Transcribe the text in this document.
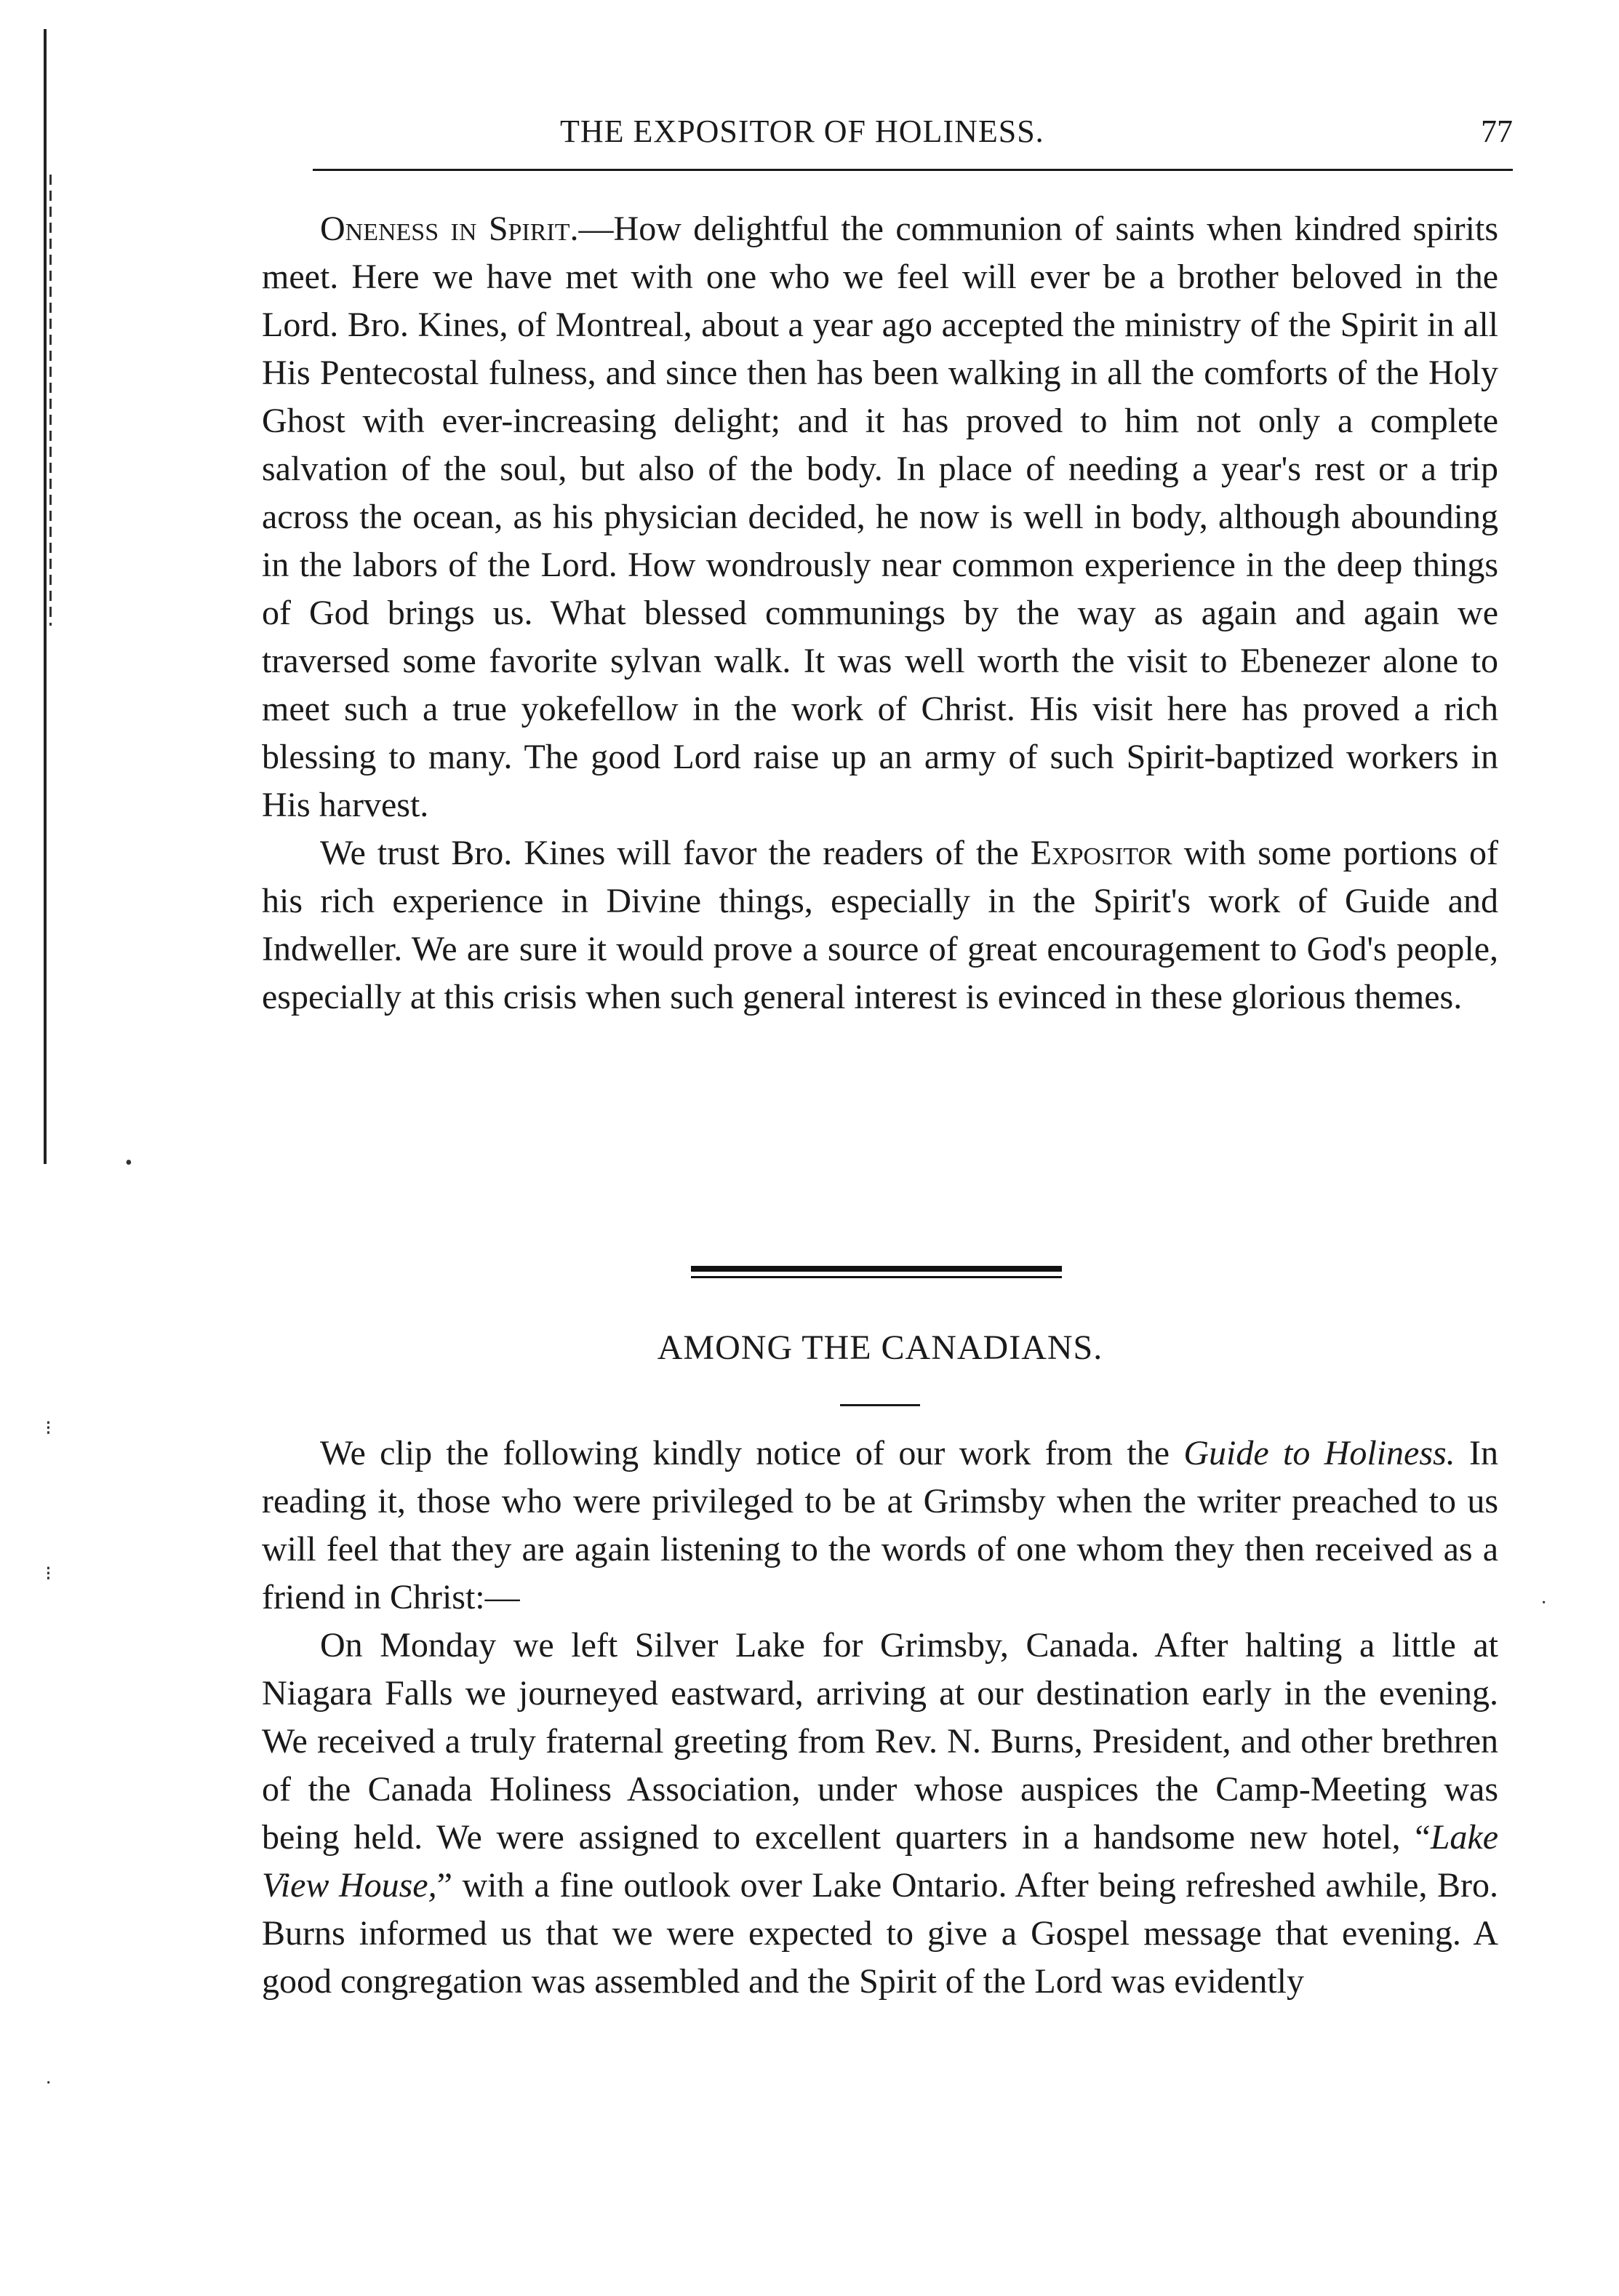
•
⁝
⁝
·
·
THE EXPOSITOR OF HOLINESS.	77

Oneness in Spirit.—How delightful the communion of saints when kindred spirits meet. Here we have met with one who we feel will ever be a brother beloved in the Lord. Bro. Kines, of Montreal, about a year ago accepted the ministry of the Spirit in all His Pentecostal fulness, and since then has been walking in all the comforts of the Holy Ghost with ever-increasing delight; and it has proved to him not only a complete salvation of the soul, but also of the body. In place of needing a year's rest or a trip across the ocean, as his physician decided, he now is well in body, although abounding in the labors of the Lord. How wondrously near common experience in the deep things of God brings us. What blessed communings by the way as again and again we traversed some favorite sylvan walk. It was well worth the visit to Ebenezer alone to meet such a true yokefellow in the work of Christ. His visit here has proved a rich blessing to many. The good Lord raise up an army of such Spirit-baptized workers in His harvest.

We trust Bro. Kines will favor the readers of the Expositor with some portions of his rich experience in Divine things, especially in the Spirit's work of Guide and Indweller. We are sure it would prove a source of great encouragement to God's people, especially at this crisis when such general interest is evinced in these glorious themes.

AMONG THE CANADIANS.

We clip the following kindly notice of our work from the Guide to Holiness. In reading it, those who were privileged to be at Grimsby when the writer preached to us will feel that they are again listening to the words of one whom they then received as a friend in Christ:—

On Monday we left Silver Lake for Grimsby, Canada. After halting a little at Niagara Falls we journeyed eastward, arriving at our destination early in the evening. We received a truly fraternal greeting from Rev. N. Burns, President, and other brethren of the Canada Holiness Association, under whose auspices the Camp-Meeting was being held. We were assigned to excellent quarters in a handsome new hotel, “Lake View House,” with a fine outlook over Lake Ontario. After being refreshed awhile, Bro. Burns informed us that we were expected to give a Gospel message that evening. A good congregation was assembled and the Spirit of the Lord was evidently
